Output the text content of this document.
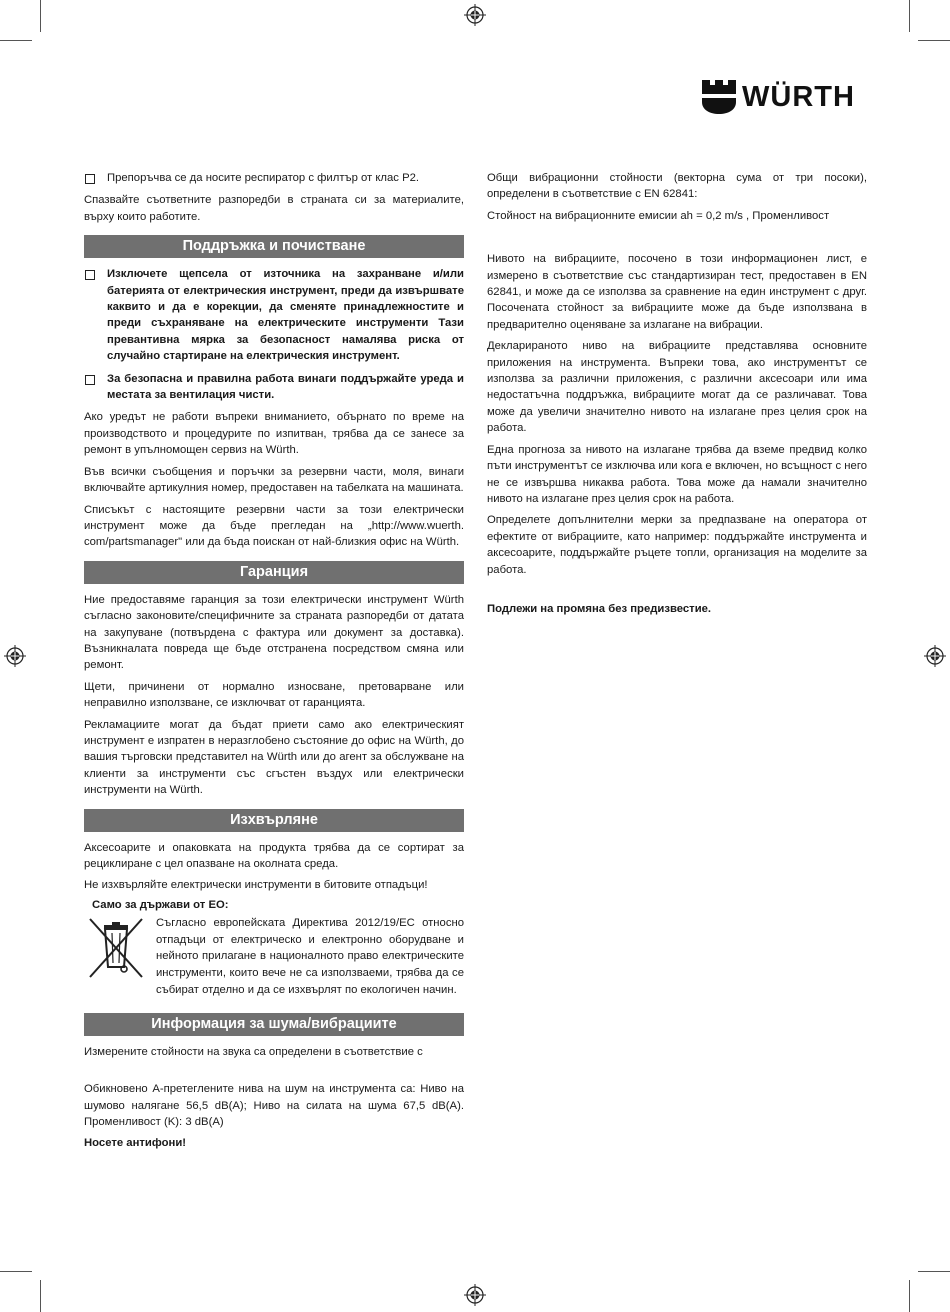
WÜRTH
Препоръчва се да носите респиратор с филтър от клас Р2.

Спазвайте съответните разпоредби в страната си за материалите, върху които работите.

Поддръжка и почистване
Изключете щепсела от източника на захранване и/или батерията от електрическия инструмент, преди да извършвате каквито и да е корекции, да сменяте принадлежностите и преди съхраняване на електрическите инструменти Тази превантивна мярка за безопасност намалява риска от случайно стартиране на електрическия инструмент.
За безопасна и правилна работа винаги поддържайте уреда и местата за вентилация чисти.

Ако уредът не работи въпреки вниманието, обърнато по време на производството и процедурите по изпитван, трябва да се занесе за ремонт в упълномощен сервиз на Würth.

Във всички съобщения и поръчки за резервни части, моля, винаги включвайте артикулния номер, предоставен на табелката на машината.

Списъкът с настоящите резервни части за този електрически инструмент може да бъде прегледан на „http://www.wuerth. com/partsmanager" или да бъда поискан от най-близкия офис на Würth.

Гаранция

Ние предоставяме гаранция за този електрически инструмент Würth съгласно законовите/специфичните за страната разпоредби от датата на закупуване (потвърдена с фактура или документ за доставка). Възникналата повреда ще бъде отстранена посредством смяна или ремонт.

Щети, причинени от нормално износване, претоварване или неправилно използване, се изключват от гаранцията.

Рекламациите могат да бъдат приети само ако електрическият инструмент е изпратен в неразглобено състояние до офис на Würth, до вашия търговски представител на Würth или до агент за обслужване на клиенти за инструменти със сгъстен въздух или електрически инструменти на Würth.

Изхвърляне

Аксесоарите и опаковката на продукта трябва да се сортират за рециклиране с цел опазване на околната среда.

Не изхвърляйте електрически инструменти в битовите отпадъци!

Само за държави от ЕО:
Съгласно европейската Директива 2012/19/EC относно отпадъци от електрическо и електронно оборудване и нейното прилагане в националното право електрическите инструменти, които вече не са използваеми, трябва да се събират отделно и да се изхвърлят по екологичен начин.
Информация за шума/вибрациите

Измерените стойности на звука са определени в съответствие с

Обикновено А-претеглените нива на шум на инструмента са: Ниво на шумово налягане 56,5 dB(A); Ниво на силата на шума 67,5 dB(A). Променливост (K): 3 dB(A)

Носете антифони!

Общи вибрационни стойности (векторна сума от три посоки), определени в съответствие с EN 62841:

Стойност на вибрационните емисии ah = 0,2 m/s , Променливост

Нивото на вибрациите, посочено в този информационен лист, е измерено в съответствие със стандартизиран тест, предоставен в EN 62841, и може да се използва за сравнение на един инструмент с друг. Посочената стойност за вибрациите може да бъде използвана в предварително оценяване за излагане на вибрации.

Декларираното ниво на вибрациите представлява основните приложения на инструмента. Въпреки това, ако инструментът се използва за различни приложения, с различни аксесоари или има недостатъчна поддръжка, вибрациите могат да се различават. Това може да увеличи значително нивото на излагане през целия срок на работа.

Една прогноза за нивото на излагане трябва да вземе предвид колко пъти инструментът се изключва или кога е включен, но всъщност с него не се извършва никаква работа. Това може да намали значително нивото на излагане през целия срок на работа.

Определете допълнителни мерки за предпазване на оператора от ефектите от вибрациите, като например: поддържайте инструмента и аксесоарите, поддържайте ръцете топли, организация на моделите за работа.

Подлежи на промяна без предизвестие.
